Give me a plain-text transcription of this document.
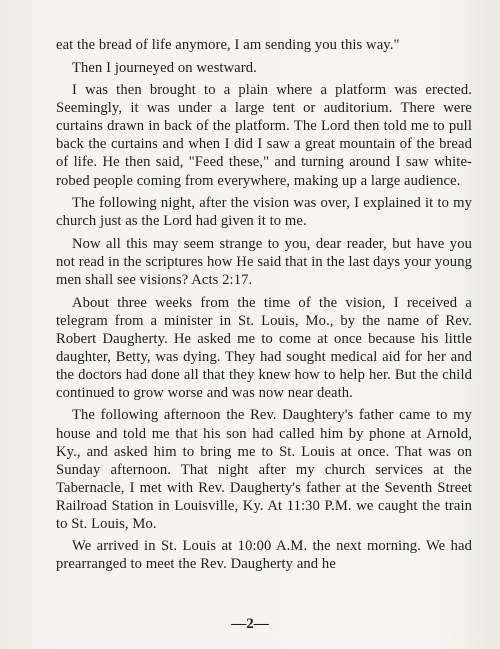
eat the bread of life anymore, I am sending you this way."

Then I journeyed on westward.

I was then brought to a plain where a platform was erected. Seemingly, it was under a large tent or auditorium. There were curtains drawn in back of the platform. The Lord then told me to pull back the curtains and when I did I saw a great mountain of the bread of life. He then said, "Feed these," and turning around I saw white-robed people coming from everywhere, making up a large audience.

The following night, after the vision was over, I explained it to my church just as the Lord had given it to me.

Now all this may seem strange to you, dear reader, but have you not read in the scriptures how He said that in the last days your young men shall see visions? Acts 2:17.

About three weeks from the time of the vision, I received a telegram from a minister in St. Louis, Mo., by the name of Rev. Robert Daugherty. He asked me to come at once because his little daughter, Betty, was dying. They had sought medical aid for her and the doctors had done all that they knew how to help her. But the child continued to grow worse and was now near death.

The following afternoon the Rev. Daughtery's father came to my house and told me that his son had called him by phone at Arnold, Ky., and asked him to bring me to St. Louis at once. That was on Sunday afternoon. That night after my church services at the Tabernacle, I met with Rev. Daugherty's father at the Seventh Street Railroad Station in Louisville, Ky. At 11:30 P.M. we caught the train to St. Louis, Mo.

We arrived in St. Louis at 10:00 A.M. the next morning. We had prearranged to meet the Rev. Daugherty and he

—2—
